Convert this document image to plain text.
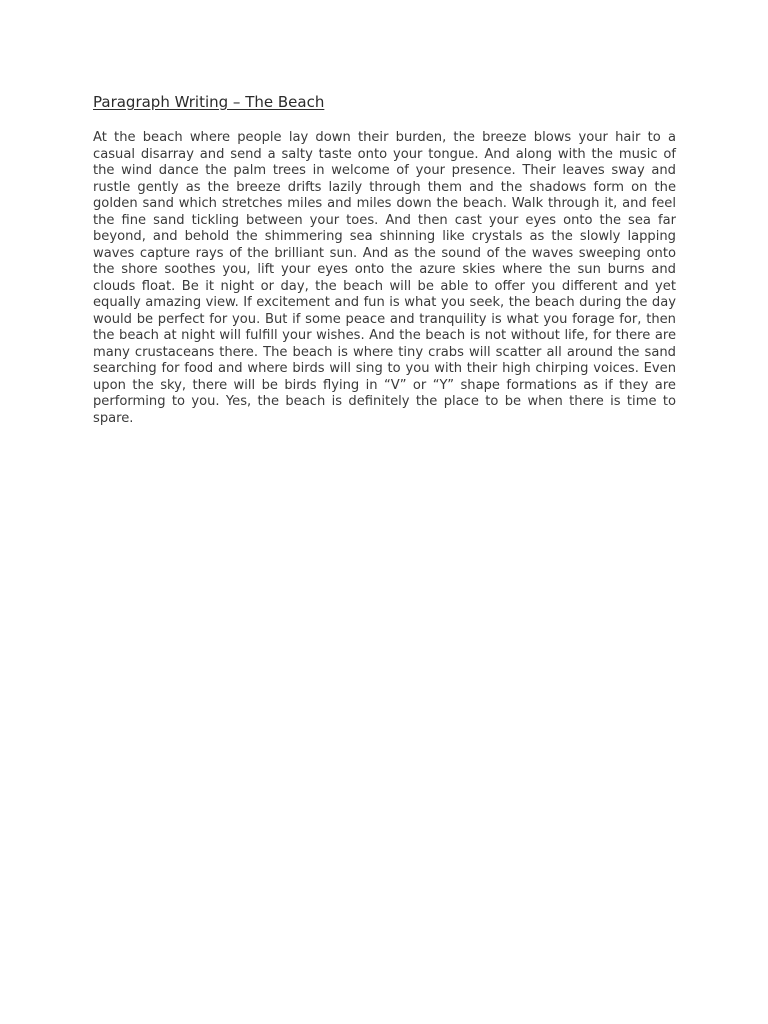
Paragraph Writing – The Beach

At the beach where people lay down their burden, the breeze blows your hair to a casual disarray and send a salty taste onto your tongue. And along with the music of the wind dance the palm trees in welcome of your presence. Their leaves sway and rustle gently as the breeze drifts lazily through them and the shadows form on the golden sand which stretches miles and miles down the beach. Walk through it, and feel the fine sand tickling between your toes. And then cast your eyes onto the sea far beyond, and behold the shimmering sea shinning like crystals as the slowly lapping waves capture rays of the brilliant sun. And as the sound of the waves sweeping onto the shore soothes you, lift your eyes onto the azure skies where the sun burns and clouds float. Be it night or day, the beach will be able to offer you different and yet equally amazing view. If excitement and fun is what you seek, the beach during the day would be perfect for you. But if some peace and tranquility is what you forage for, then the beach at night will fulfill your wishes. And the beach is not without life, for there are many crustaceans there. The beach is where tiny crabs will scatter all around the sand searching for food and where birds will sing to you with their high chirping voices. Even upon the sky, there will be birds flying in “V” or “Y” shape formations as if they are performing to you. Yes, the beach is definitely the place to be when there is time to spare.
